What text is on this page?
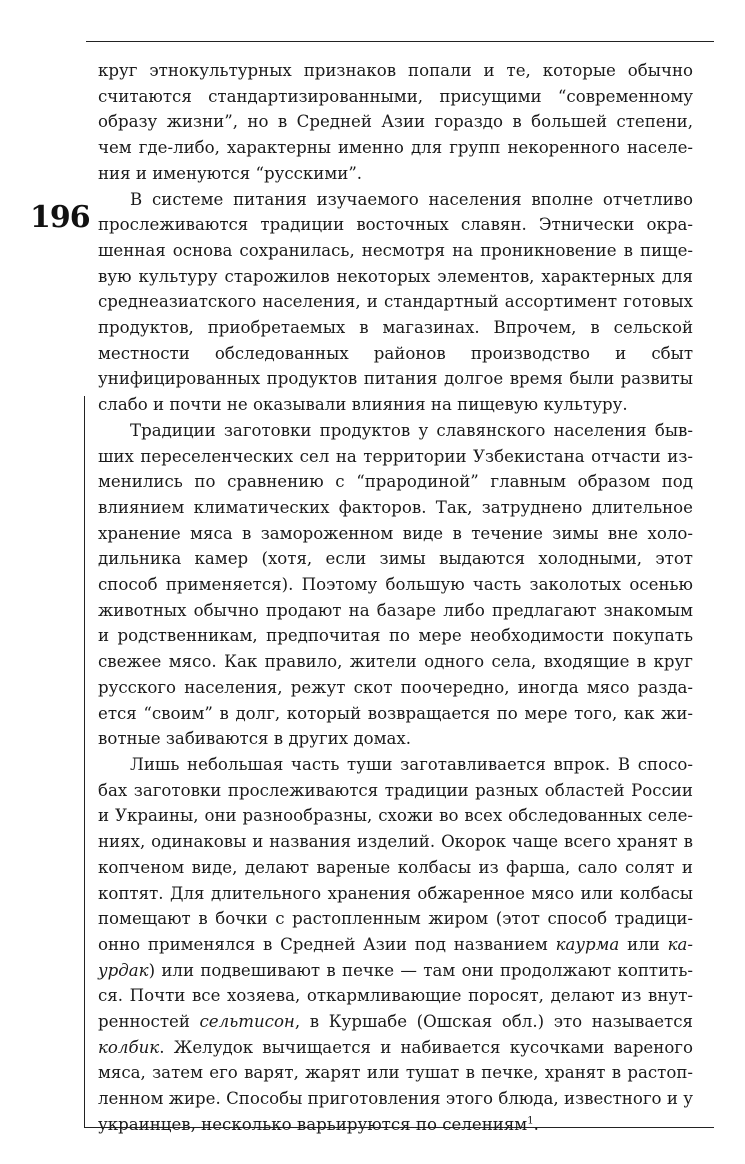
196

круг этнокультурных признаков попали и те, которые обычно считаются стандартизированными, присущими “современному образу жизни”, но в Средней Азии гораздо в большей степени, чем где-либо, характерны именно для групп некоренного населения и именуются “русскими”.

В системе питания изучаемого населения вполне отчетливо прослеживаются традиции восточных славян. Этнически окрашенная основа сохранилась, несмотря на проникновение в пищевую культуру старожилов некоторых элементов, характерных для среднеазиатского населения, и стандартный ассортимент готовых продуктов, приобретаемых в магазинах. Впрочем, в сельской местности обследованных районов производство и сбыт унифицированных продуктов питания долгое время были развиты слабо и почти не оказывали влияния на пищевую культуру.

Традиции заготовки продуктов у славянского населения бывших переселенческих сел на территории Узбекистана отчасти изменились по сравнению с “прародиной” главным образом под влиянием климатических факторов. Так, затруднено длительное хранение мяса в замороженном виде в течение зимы вне холодильника камер (хотя, если зимы выдаются холодными, этот способ применяется). Поэтому большую часть заколотых осенью животных обычно продают на базаре либо предлагают знакомым и родственникам, предпочитая по мере необходимости покупать свежее мясо. Как правило, жители одного села, входящие в круг русского населения, режут скот поочередно, иногда мясо раздается “своим” в долг, который возвращается по мере того, как животные забиваются в других домах.

Лишь небольшая часть туши заготавливается впрок. В способах заготовки прослеживаются традиции разных областей России и Украины, они разнообразны, схожи во всех обследованных селениях, одинаковы и названия изделий. Окорок чаще всего хранят в копченом виде, делают вареные колбасы из фарша, сало солят и коптят. Для длительного хранения обжаренное мясо или колбасы помещают в бочки с растопленным жиром (этот способ традиционно применялся в Средней Азии под названием каурма или каурдак) или подвешивают в печке — там они продолжают коптиться. Почти все хозяева, откармливающие поросят, делают из внутренностей сельтисон, в Куршабе (Ошская обл.) это называется колбик. Желудок вычищается и набивается кусочками вареного мяса, затем его варят, жарят или тушат в печке, хранят в растопленном жире. Способы приготовления этого блюда, известного и у украинцев, несколько варьируются по селениям$^1$.
